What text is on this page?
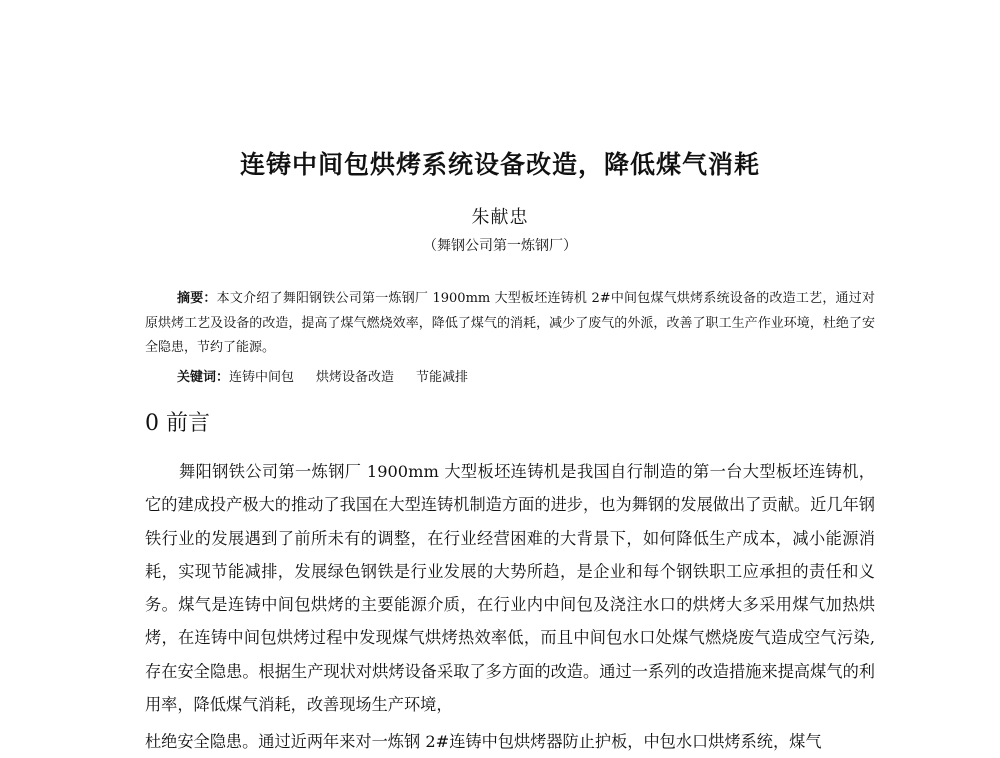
连铸中间包烘烤系统设备改造，降低煤气消耗
朱献忠
（舞钢公司第一炼钢厂）

摘要：本文介绍了舞阳钢铁公司第一炼钢厂 1900mm 大型板坯连铸机 2#中间包煤气烘烤系统设备的改造工艺，通过对原烘烤工艺及设备的改造，提高了煤气燃烧效率，降低了煤气的消耗，减少了废气的外派，改善了职工生产作业环境，杜绝了安全隐患，节约了能源。

关键词：连铸中间包 烘烤设备改造 节能减排
0 前言

舞阳钢铁公司第一炼钢厂 1900mm 大型板坯连铸机是我国自行制造的第一台大型板坯连铸机，它的建成投产极大的推动了我国在大型连铸机制造方面的进步，也为舞钢的发展做出了贡献。近几年钢铁行业的发展遇到了前所未有的调整，在行业经营困难的大背景下，如何降低生产成本，减小能源消耗，实现节能减排，发展绿色钢铁是行业发展的大势所趋，是企业和每个钢铁职工应承担的责任和义务。煤气是连铸中间包烘烤的主要能源介质，在行业内中间包及浇注水口的烘烤大多采用煤气加热烘烤，在连铸中间包烘烤过程中发现煤气烘烤热效率低，而且中间包水口处煤气燃烧废气造成空气污染,存在安全隐患。根据生产现状对烘烤设备采取了多方面的改造。通过一系列的改造措施来提高煤气的利用率，降低煤气消耗，改善现场生产环境，

杜绝安全隐患。通过近两年来对一炼钢 2#连铸中包烘烤器防止护板，中包水口烘烤系统，煤气
